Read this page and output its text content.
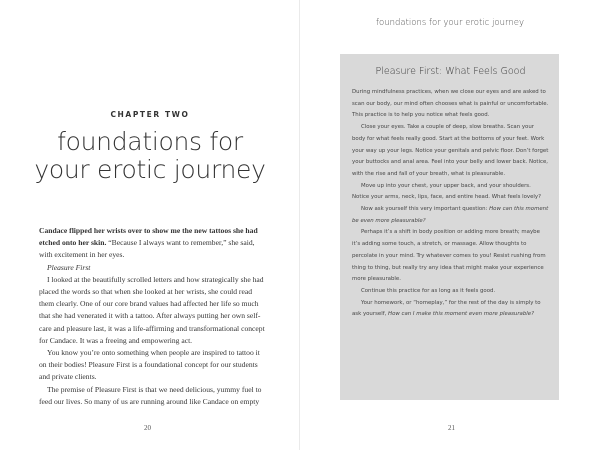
CHAPTER TWO
foundations for
your erotic journey

Candace flipped her wrists over to show me the new tattoos she had etched onto her skin. “Because I always want to remember,” she said, with excitement in her eyes.

Pleasure First

I looked at the beautifully scrolled letters and how strategically she had placed the words so that when she looked at her wrists, she could read them clearly. One of our core brand values had affected her life so much that she had venerated it with a tattoo. After always putting her own self-care and pleasure last, it was a life-affirming and transformational concept for Candace. It was a freeing and empowering act.

You know you’re onto something when people are inspired to tattoo it on their bodies! Pleasure First is a foundational concept for our students and private clients.

The premise of Pleasure First is that we need delicious, yummy fuel to feed our lives. So many of us are running around like Candace on empty

20
foundations for your erotic journey
Pleasure First: What Feels Good

During mindfulness practices, when we close our eyes and are asked to scan our body, our mind often chooses what is painful or uncomfortable. This practice is to help you notice what feels good.

Close your eyes. Take a couple of deep, slow breaths. Scan your body for what feels really good. Start at the bottoms of your feet. Work your way up your legs. Notice your genitals and pelvic floor. Don’t forget your buttocks and anal area. Feel into your belly and lower back. Notice, with the rise and fall of your breath, what is pleasurable.

Move up into your chest, your upper back, and your shoulders. Notice your arms, neck, lips, face, and entire head. What feels lovely?

Now ask yourself this very important question: How can this moment be even more pleasurable?

Perhaps it’s a shift in body position or adding more breath; maybe it’s adding some touch, a stretch, or massage. Allow thoughts to percolate in your mind. Try whatever comes to you! Resist rushing from thing to thing, but really try any idea that might make your experience more pleasurable.

Continue this practice for as long as it feels good.

Your homework, or “homeplay,” for the rest of the day is simply to ask yourself, How can I make this moment even more pleasurable?

21
